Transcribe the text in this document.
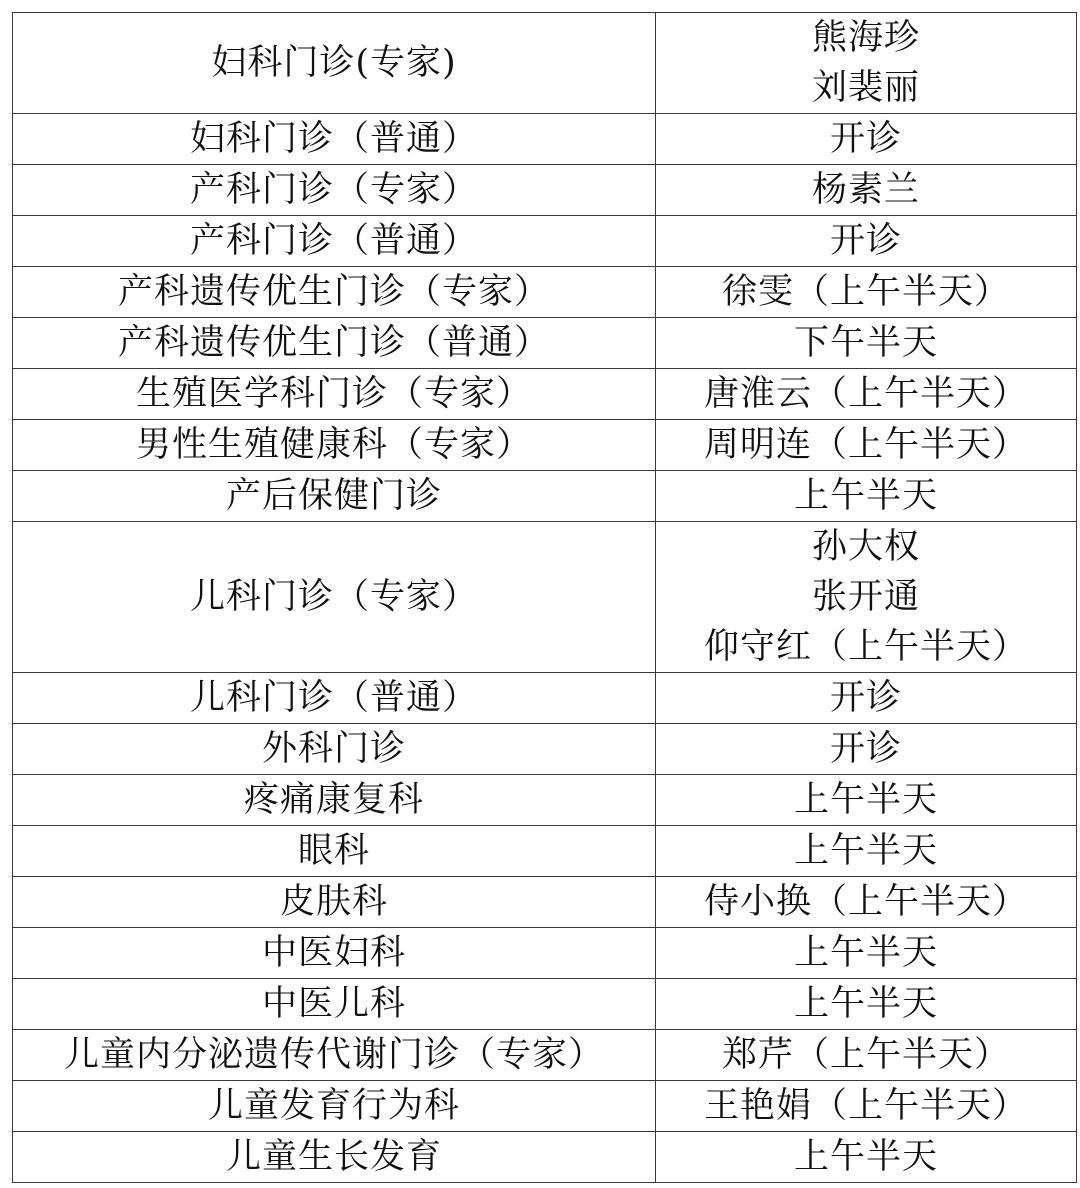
妇科门诊(专家)	熊海珍
刘裴丽

妇科门诊（普通）	开诊

产科门诊（专家）	杨素兰

产科门诊（普通）	开诊

产科遗传优生门诊（专家）	徐雯（上午半天）

产科遗传优生门诊（普通）	下午半天

生殖医学科门诊（专家）	唐淮云（上午半天）

男性生殖健康科（专家）	周明连（上午半天）

产后保健门诊	上午半天

儿科门诊（专家）	孙大权
张开通
仰守红（上午半天）

儿科门诊（普通）	开诊

外科门诊	开诊

疼痛康复科	上午半天

眼科	上午半天

皮肤科	侍小换（上午半天）

中医妇科	上午半天

中医儿科	上午半天

儿童内分泌遗传代谢门诊（专家）	郑芹（上午半天）

儿童发育行为科	王艳娟（上午半天）

儿童生长发育	上午半天
